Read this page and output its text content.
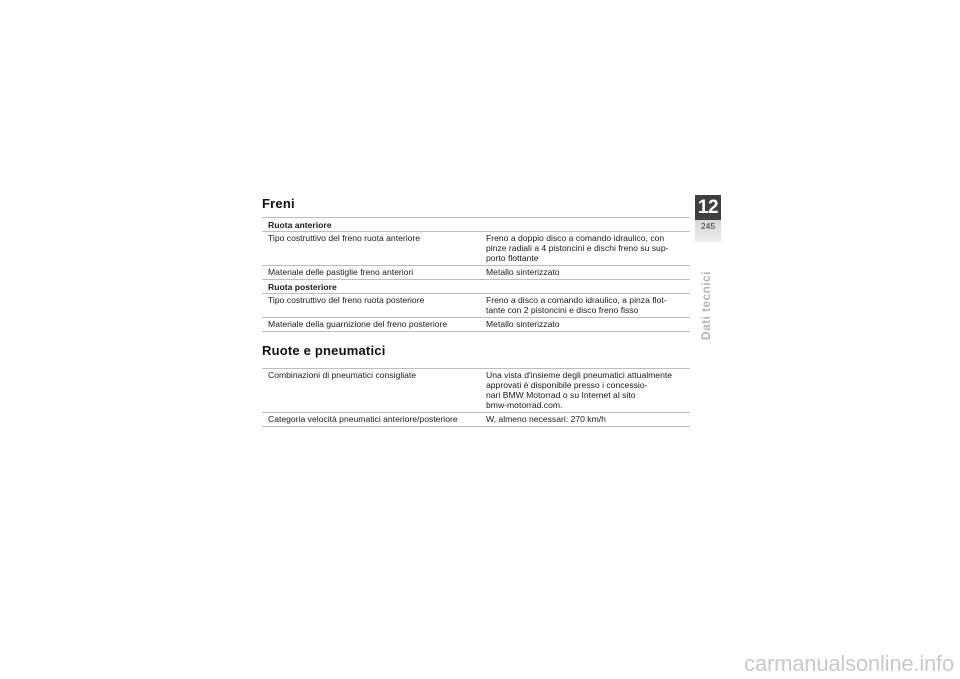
Freni
Ruota anteriore	
Tipo costruttivo del freno ruota anteriore	Freno a doppio disco a comando idraulico, con
pinze radiali a 4 pistoncini e dischi freno su sup-
porto flottante

Materiale delle pastiglie freno anteriori	Metallo sinterizzato

Ruota posteriore	
Tipo costruttivo del freno ruota posteriore	Freno a disco a comando idraulico, a pinza flot-
tante con 2 pistoncini e disco freno fisso

Materiale della guarnizione del freno posteriore	Metallo sinterizzato
Ruote e pneumatici
Combinazioni di pneumatici consigliate	Una vista d'insieme degli pneumatici attualmente
approvati è disponibile presso i concessio-
nari BMW Motorrad o su Internet al sito
bmw-motorrad.com.

Categoria velocità pneumatici anteriore/posteriore	W, almeno necessari: 270 km/h
12
245
Dati tecnici
carmanualsonline.info
